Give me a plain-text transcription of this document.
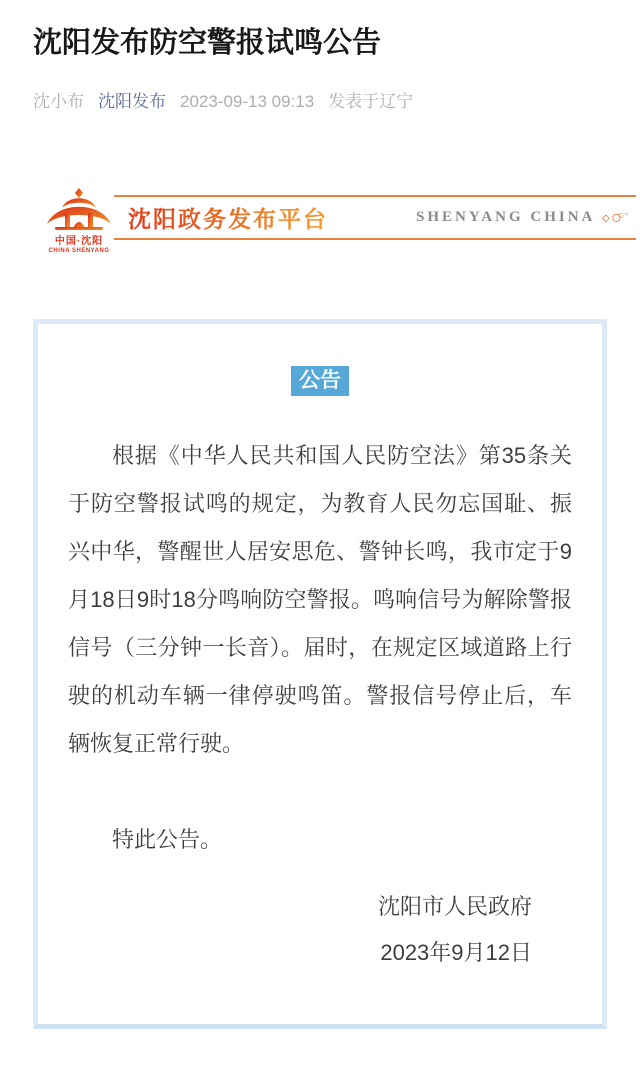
沈阳发布防空警报试鸣公告
沈小布 沈阳发布 2023-09-13 09:13 发表于辽宁
沈阳政务发布平台	SHENYANG CHINA
中国·沈阳
CHINA SHENYANG
公告

根据《中华人民共和国人民防空法》第35条关于防空警报试鸣的规定，为教育人民勿忘国耻、振兴中华，警醒世人居安思危、警钟长鸣，我市定于9月18日9时18分鸣响防空警报。鸣响信号为解除警报信号（三分钟一长音）。届时，在规定区域道路上行驶的机动车辆一律停驶鸣笛。警报信号停止后，车辆恢复正常行驶。

特此公告。

沈阳市人民政府
2023年9月12日
